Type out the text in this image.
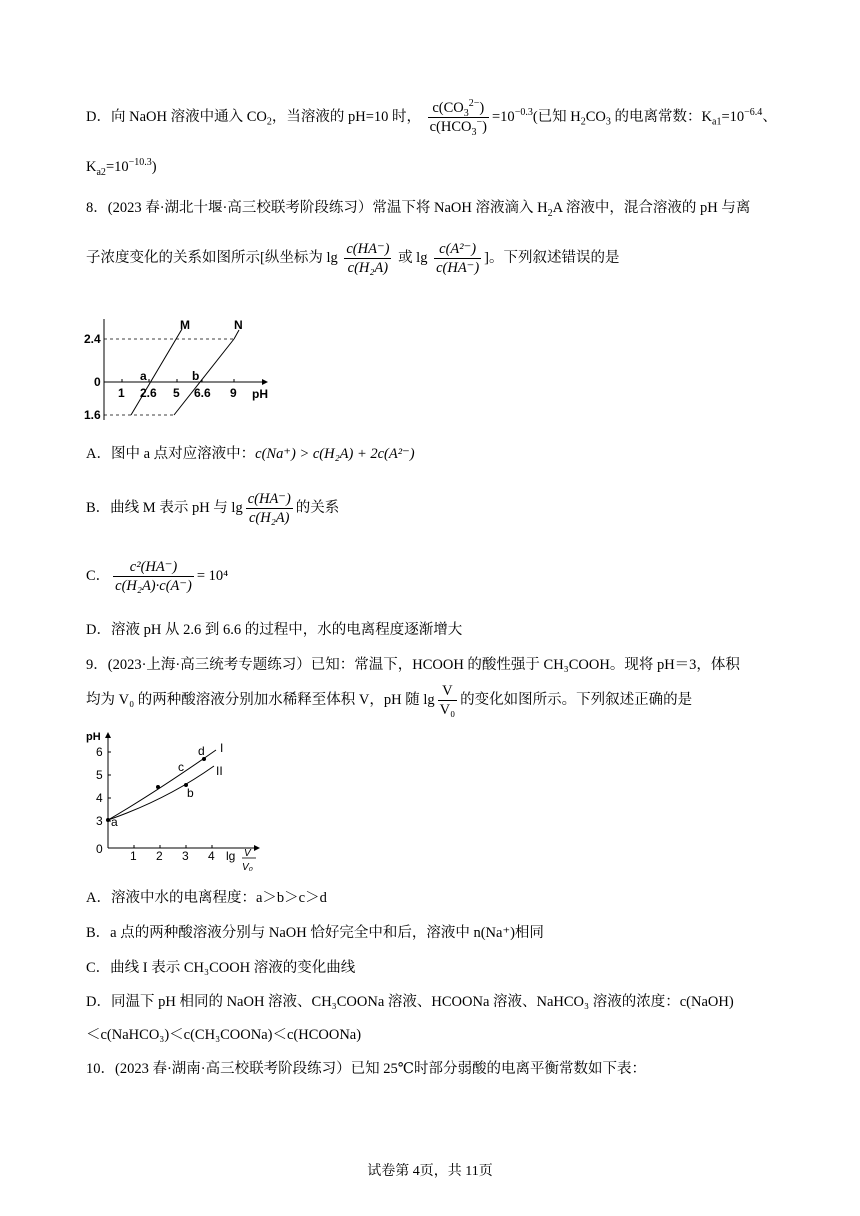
D．向 NaOH 溶液中通入 $CO_2$，当溶液的 pH=10 时， $\frac{c(CO_3^{2-})}{c(HCO_3^-)} =10^{-0.3}$(已知 $H_2CO_3$ 的电离常数：$K_{a1}=10^{-6.4}$、
$K_{a2}=10^{-10.3}$)
8．(2023 春·湖北十堰·高三校联考阶段练习）常温下将 NaOH 溶液滴入 $H_2A$ 溶液中，混合溶液的 pH 与离
子浓度变化的关系如图所示[纵坐标为 $\lg \frac{c(HA^-)}{\text{c(H₂A)}}$ 或 $\lg \frac{\text{c(A²⁻)}}{c(HA^-)}$ ]。下列叙述错误的是
2.4
0
1.6
1 2.6 5 6.6 9 pH
M	N
a	b
A．图中 a 点对应溶液中：c(Na⁺) > c(H₂A) + 2c(A²⁻)
B．曲线 M 表示 pH 与 $\lg \frac{c(HA^-)}{\text{c(H₂A)}}$ 的关系
C． $\frac{\text{c²(HA⁻)}}{\text{c(H₂A)·c(A⁻)}} = 10^4$
D．溶液 pH 从 2.6 到 6.6 的过程中，水的电离程度逐渐增大
9．(2023·上海·高三统考专题练习）已知：常温下，HCOOH 的酸性强于 CH₃COOH。现将 pH＝3，体积
均为 V₀ 的两种酸溶液分别加水稀释至体积 V，pH 随 $\lg \frac{V}{\text{V₀}}$ 的变化如图所示。下列叙述正确的是
pH
6
5
4
3
0 1 2 3 4 lg V
V₀
I
II
a
b
c
d
A．溶液中水的电离程度：a＞b＞c＞d
B．a 点的两种酸溶液分别与 NaOH 恰好完全中和后，溶液中 n(Na⁺)相同
C．曲线 I 表示 CH₃COOH 溶液的变化曲线
D．同温下 pH 相同的 NaOH 溶液、CH₃COONa 溶液、HCOONa 溶液、NaHCO₃ 溶液的浓度：c(NaOH)
＜c(NaHCO₃)＜c(CH₃COONa)＜c(HCOONa)
10．(2023 春·湖南·高三校联考阶段练习）已知 25℃时部分弱酸的电离平衡常数如下表：
试卷第 4页，共 11页
